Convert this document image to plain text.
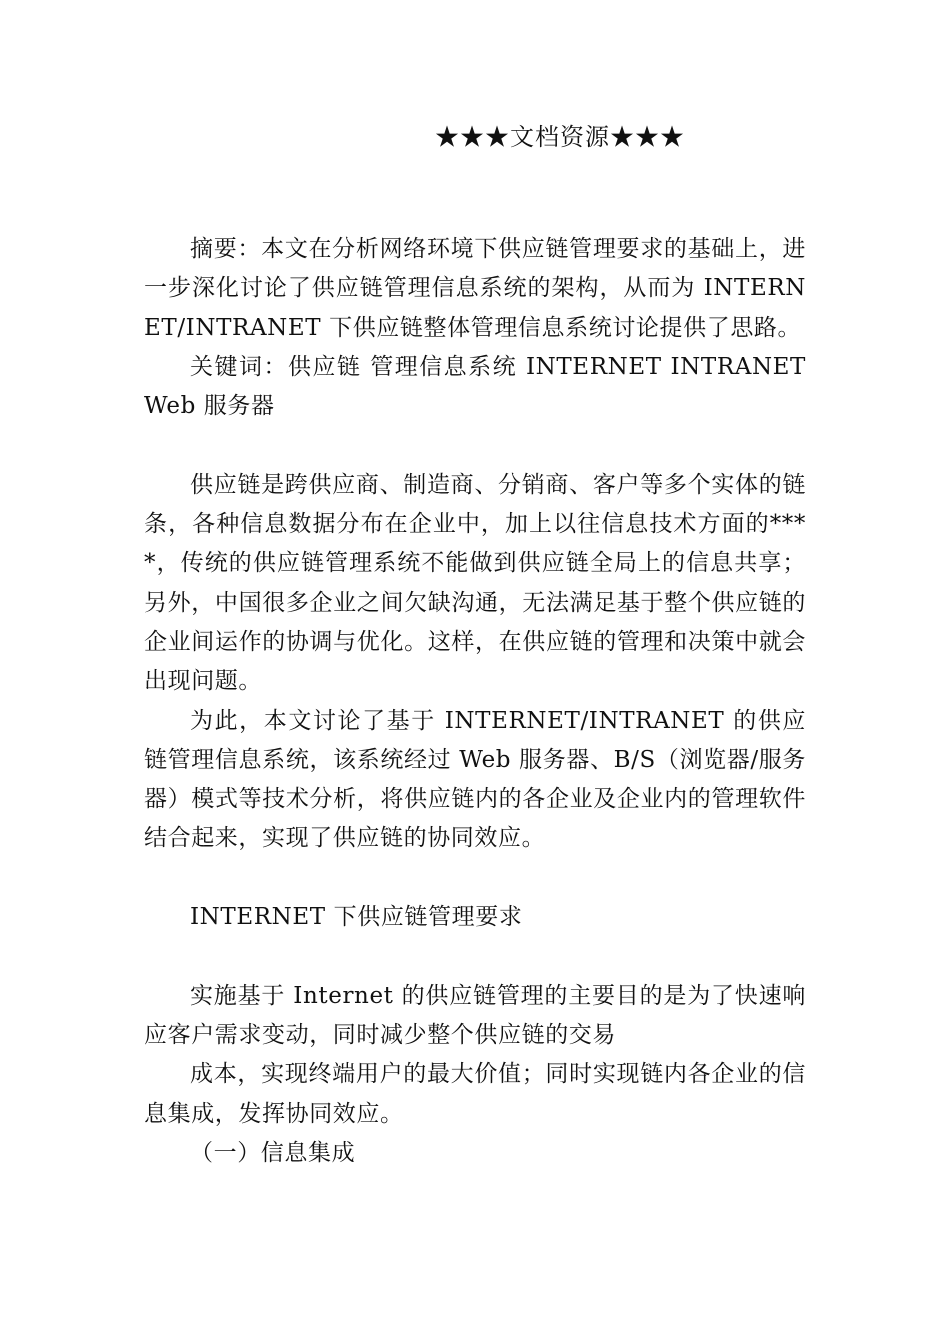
★★★文档资源★★★

摘要：本文在分析网络环境下供应链管理要求的基础上，进一步深化讨论了供应链管理信息系统的架构，从而为 INTERNET/INTRANET 下供应链整体管理信息系统讨论提供了思路。

关键词：供应链 管理信息系统 INTERNET INTRANET Web 服务器

供应链是跨供应商、制造商、分销商、客户等多个实体的链条，各种信息数据分布在企业中，加上以往信息技术方面的****，传统的供应链管理系统不能做到供应链全局上的信息共享；另外，中国很多企业之间欠缺沟通，无法满足基于整个供应链的企业间运作的协调与优化。这样，在供应链的管理和决策中就会出现问题。

为此，本文讨论了基于 INTERNET/INTRANET 的供应链管理信息系统，该系统经过 Web 服务器、B/S（浏览器/服务器）模式等技术分析，将供应链内的各企业及企业内的管理软件结合起来，实现了供应链的协同效应。

INTERNET 下供应链管理要求

实施基于 Internet 的供应链管理的主要目的是为了快速响应客户需求变动，同时减少整个供应链的交易

成本，实现终端用户的最大价值；同时实现链内各企业的信息集成，发挥协同效应。

（一）信息集成
